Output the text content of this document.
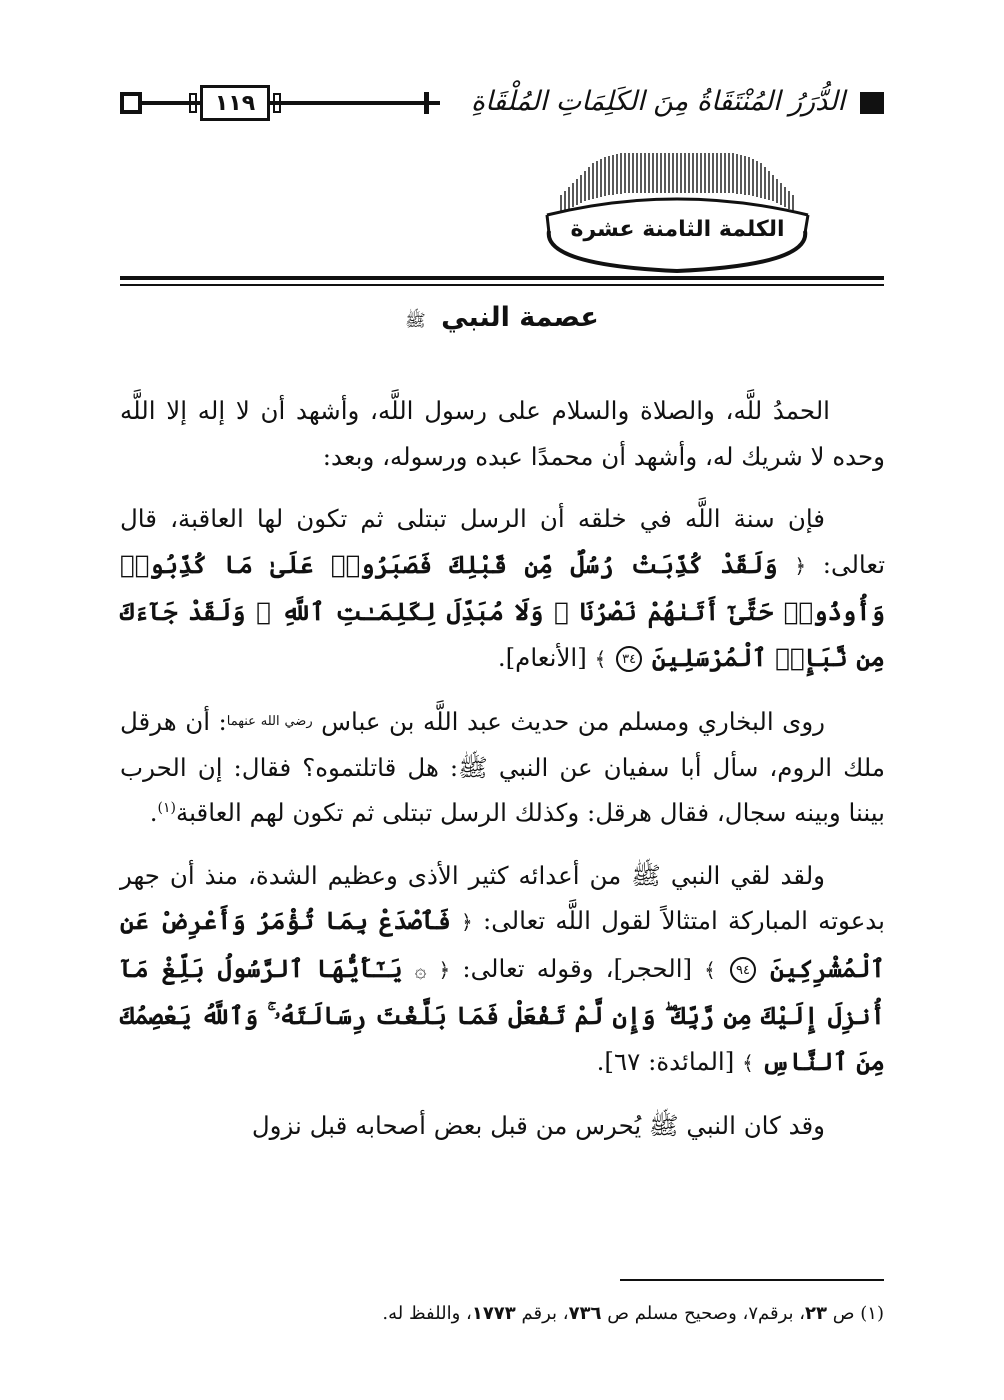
١١٩	الدُّرَرُ المُنْتَقَاةُ مِنَ الكَلِمَاتِ المُلْقَاةِ
الكلمة الثامنة عشرة
عصمة النبي ﷺ

الحمدُ للَّه، والصلاة والسلام على رسول اللَّه، وأشهد أن لا إله إلا اللَّه وحده لا شريك له، وأشهد أن محمدًا عبده ورسوله، وبعد:

فإن سنة اللَّه في خلقه أن الرسل تبتلى ثم تكون لها العاقبة، قال تعالى: ﴿ وَلَقَدْ كُذِّبَتْ رُسُلٌ مِّن قَبْلِكَ فَصَبَرُوا۟ عَلَىٰ مَا كُذِّبُوا۟ وَأُوذُوا۟ حَتَّىٰٓ أَتَىٰهُمْ نَصْرُنَا ۚ وَلَا مُبَدِّلَ لِكَلِمَـٰتِ ٱللَّهِ ۚ وَلَقَدْ جَآءَكَ مِن نَّبَإِى۟ ٱلْمُرْسَلِينَ ٣٤ ﴾ [الأنعام].

روى البخاري ومسلم من حديث عبد اللَّه بن عباس $^{رضي الله عنهما}$: أن هرقل ملك الروم، سأل أبا سفيان عن النبي ﷺ: هل قاتلتموه؟ فقال: إن الحرب بيننا وبينه سجال، فقال هرقل: وكذلك الرسل تبتلى ثم تكون لهم العاقبة$^{(١)}$.

ولقد لقي النبي ﷺ من أعدائه كثير الأذى وعظيم الشدة، منذ أن جهر بدعوته المباركة امتثالاً لقول اللَّه تعالى: ﴿ فَٱصْدَعْ بِمَا تُؤْمَرُ وَأَعْرِضْ عَنِ ٱلْمُشْرِكِينَ ٩٤ ﴾ [الحجر]، وقوله تعالى: ﴿ ۞ يَـٰٓأَيُّهَا ٱلرَّسُولُ بَلِّغْ مَآ أُنزِلَ إِلَيْكَ مِن رَّبِّكَ ۖ وَإِن لَّمْ تَفْعَلْ فَمَا بَلَّغْتَ رِسَالَتَهُۥ ۚ وَٱللَّهُ يَعْصِمُكَ مِنَ ٱلنَّاسِ ﴾ [المائدة: ٦٧].

وقد كان النبي ﷺ يُحرس من قبل بعض أصحابه قبل نزول

(١) ص ٢٣، برقم٧، وصحيح مسلم ص ٧٣٦، برقم ١٧٧٣، واللفظ له.
